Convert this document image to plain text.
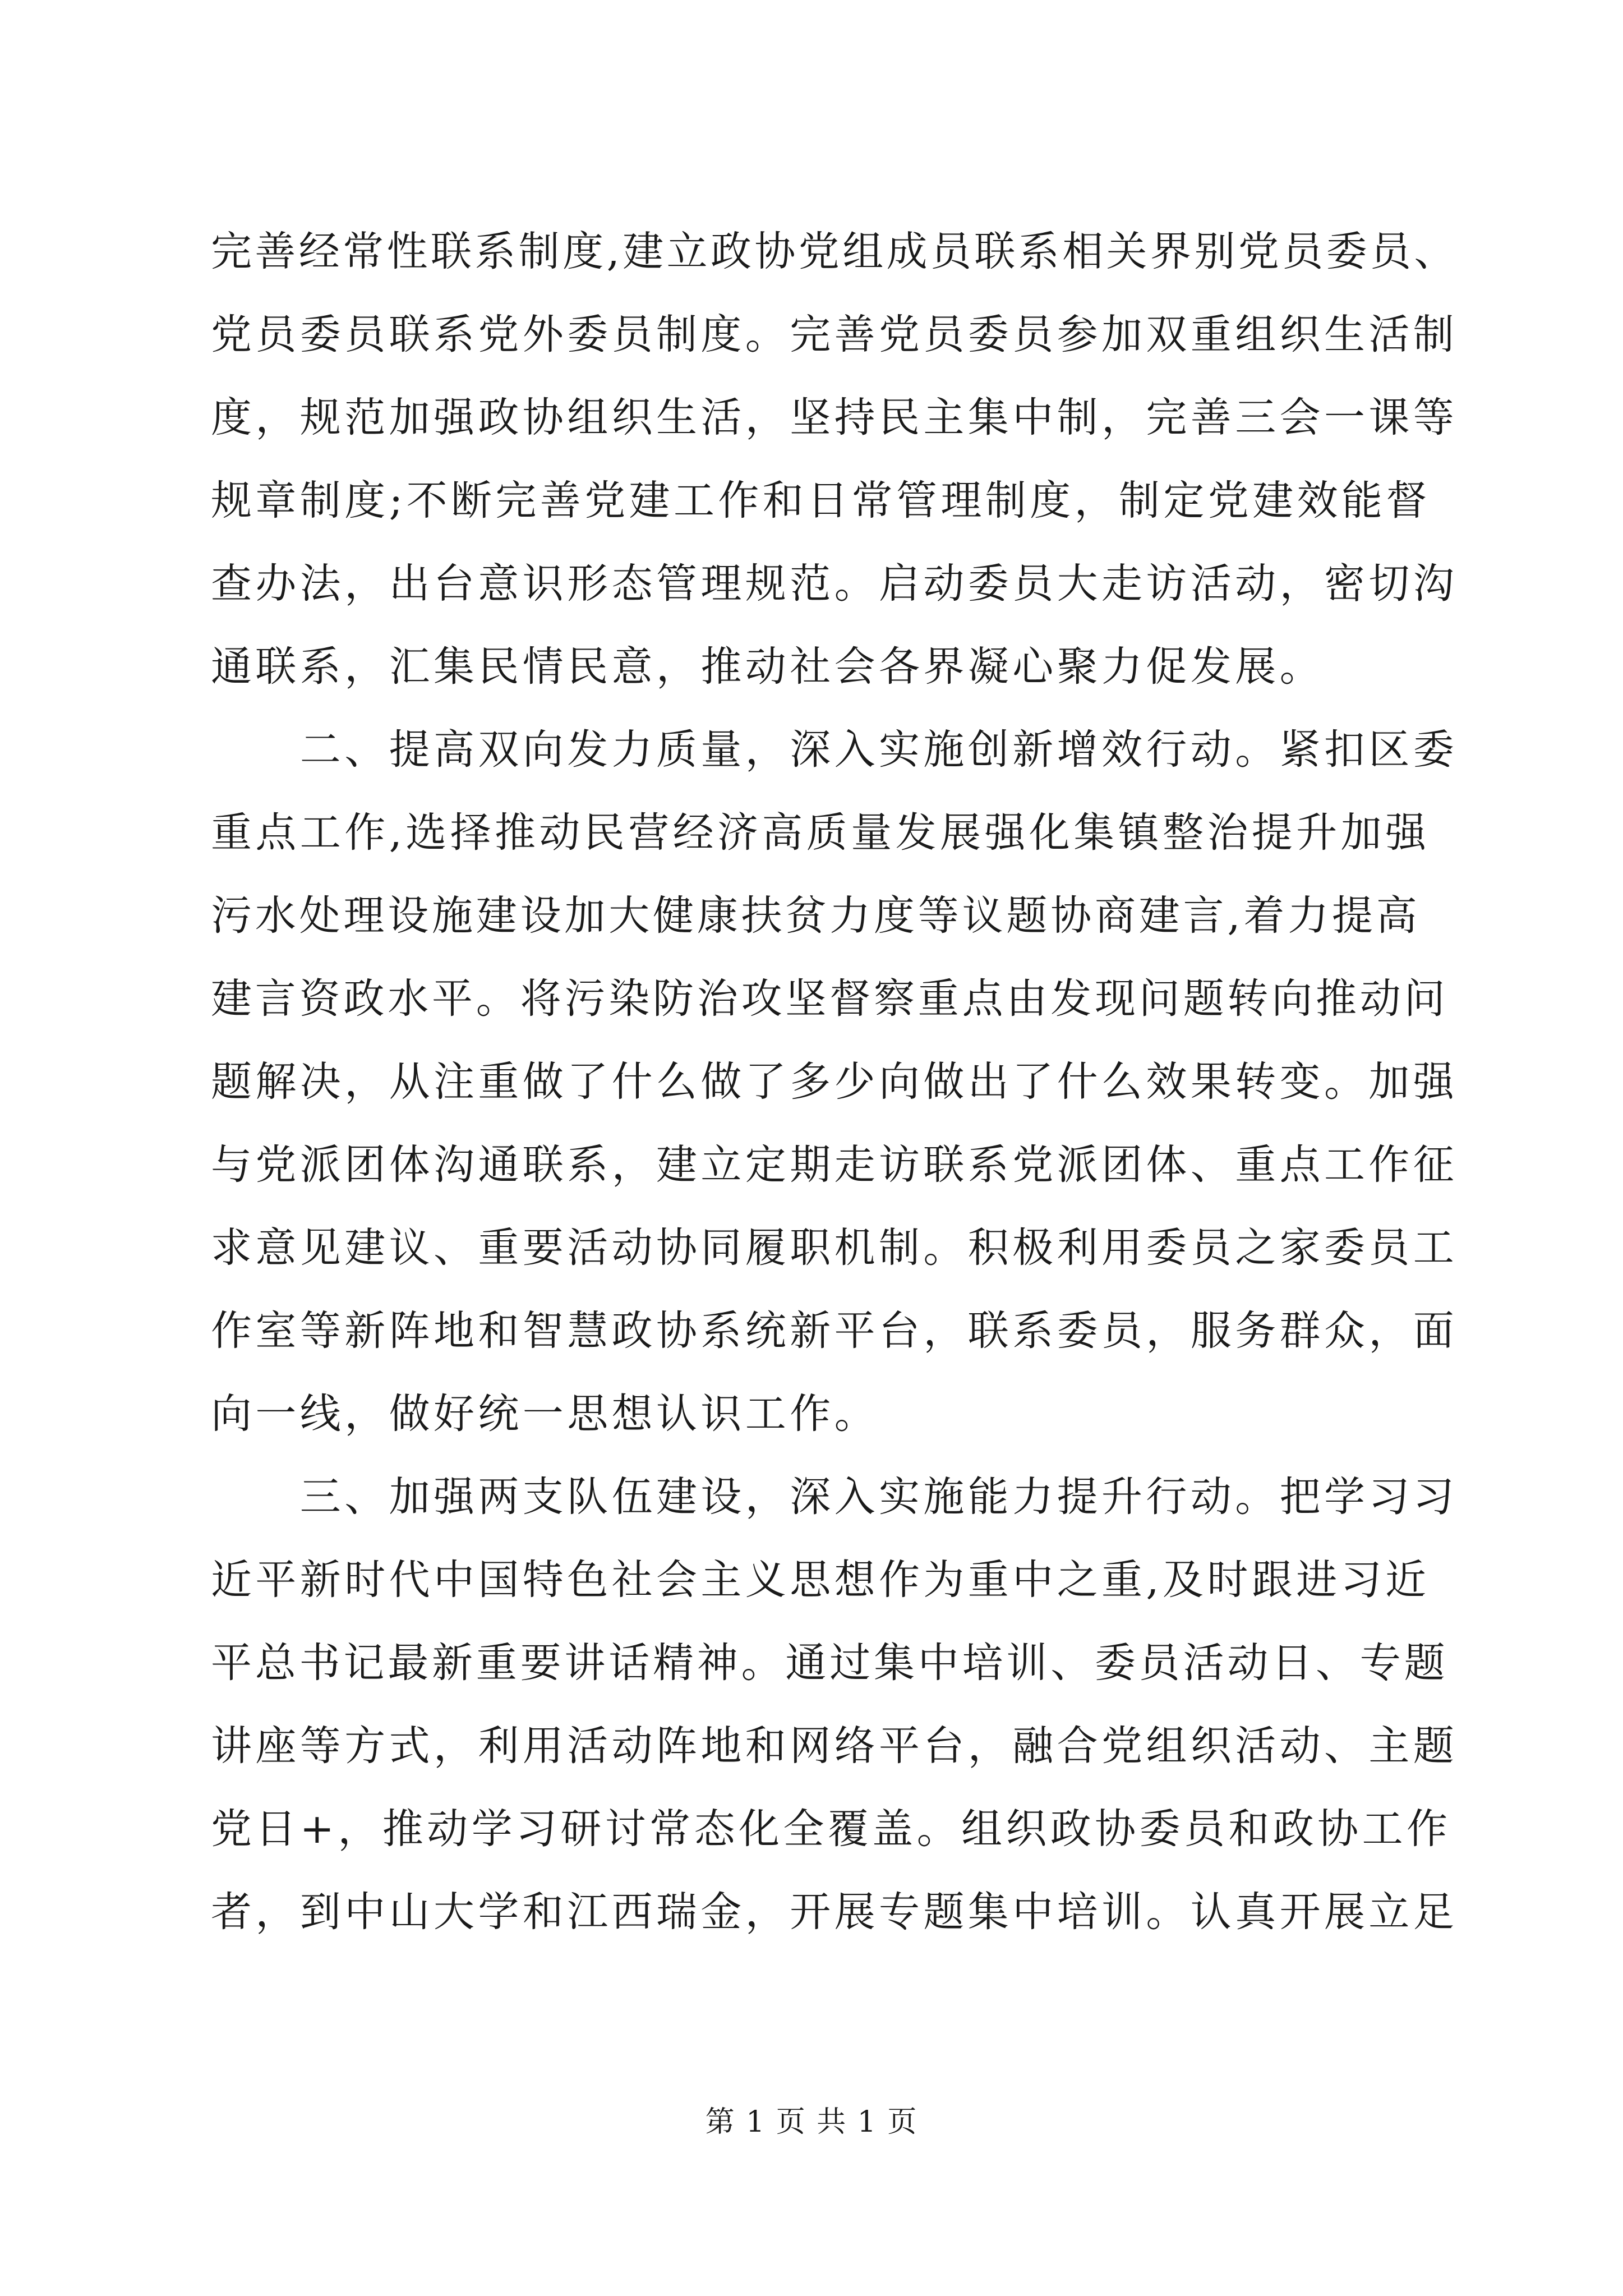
完善经常性联系制度,建立政协党组成员联系相关界别党员委员、
党员委员联系党外委员制度。完善党员委员参加双重组织生活制
度，规范加强政协组织生活，坚持民主集中制，完善三会一课等
规章制度;不断完善党建工作和日常管理制度，制定党建效能督
查办法，出台意识形态管理规范。启动委员大走访活动，密切沟
通联系，汇集民情民意，推动社会各界凝心聚力促发展。
　　二、提高双向发力质量，深入实施创新增效行动。紧扣区委
重点工作,选择推动民营经济高质量发展强化集镇整治提升加强
污水处理设施建设加大健康扶贫力度等议题协商建言,着力提高
建言资政水平。将污染防治攻坚督察重点由发现问题转向推动问
题解决，从注重做了什么做了多少向做出了什么效果转变。加强
与党派团体沟通联系，建立定期走访联系党派团体、重点工作征
求意见建议、重要活动协同履职机制。积极利用委员之家委员工
作室等新阵地和智慧政协系统新平台，联系委员，服务群众，面
向一线，做好统一思想认识工作。
　　三、加强两支队伍建设，深入实施能力提升行动。把学习习
近平新时代中国特色社会主义思想作为重中之重,及时跟进习近
平总书记最新重要讲话精神。通过集中培训、委员活动日、专题
讲座等方式，利用活动阵地和网络平台，融合党组织活动、主题
党日+，推动学习研讨常态化全覆盖。组织政协委员和政协工作
者，到中山大学和江西瑞金，开展专题集中培训。认真开展立足
第 1 页 共 1 页
